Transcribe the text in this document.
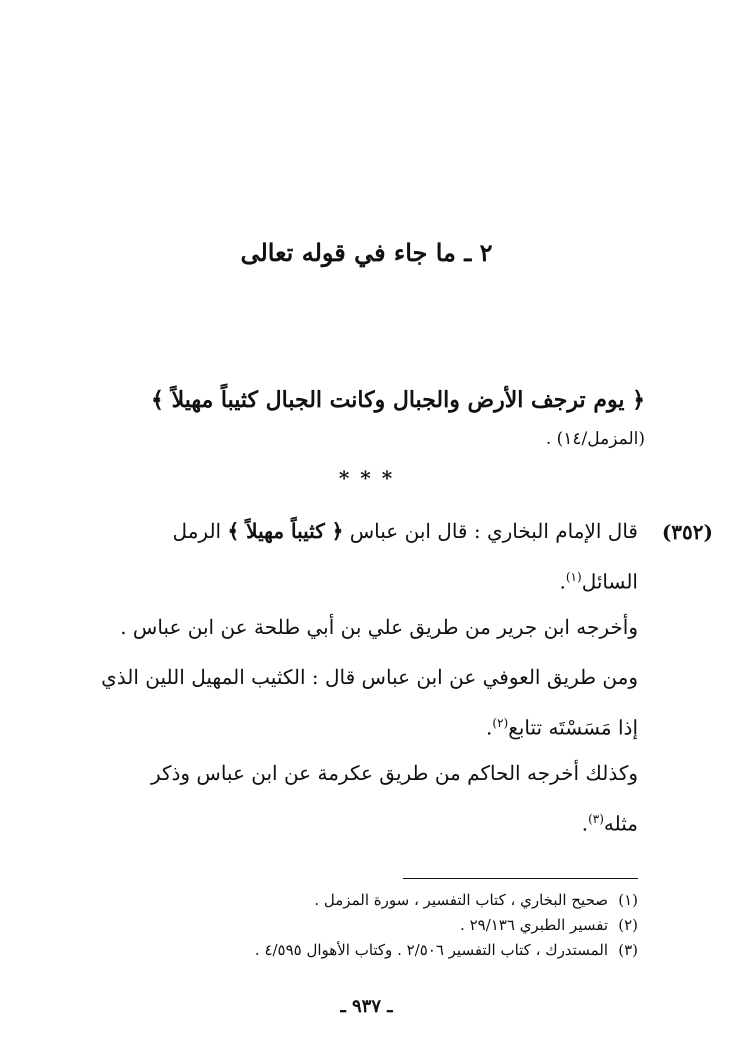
٢ ـ ما جاء في قوله تعالى
﴿ يوم ترجف الأرض والجبال وكانت الجبال كثيباً مهيلاً ﴾
(المزمل/١٤) .
* * *
(٣٥٢)
قال الإمام البخاري : قال ابن عباس ﴿ كثيباً مهيلاً ﴾ الرمل السائل$^{(١)}$.
وأخرجه ابن جرير من طريق علي بن أبي طلحة عن ابن عباس .
ومن طريق العوفي عن ابن عباس قال : الكثيب المهيل اللين الذي إذا مَسَسْتَه تتابع$^{(٢)}$.
وكذلك أخرجه الحاكم من طريق عكرمة عن ابن عباس وذكر مثله$^{(٣)}$.
(١)صحيح البخاري ، كتاب التفسير ، سورة المزمل .
(٢)تفسير الطبري ٢٩/١٣٦ .
(٣)المستدرك ، كتاب التفسير ٢/٥٠٦ . وكتاب الأهوال ٤/٥٩٥ .
ـ ٩٣٧ ـ
